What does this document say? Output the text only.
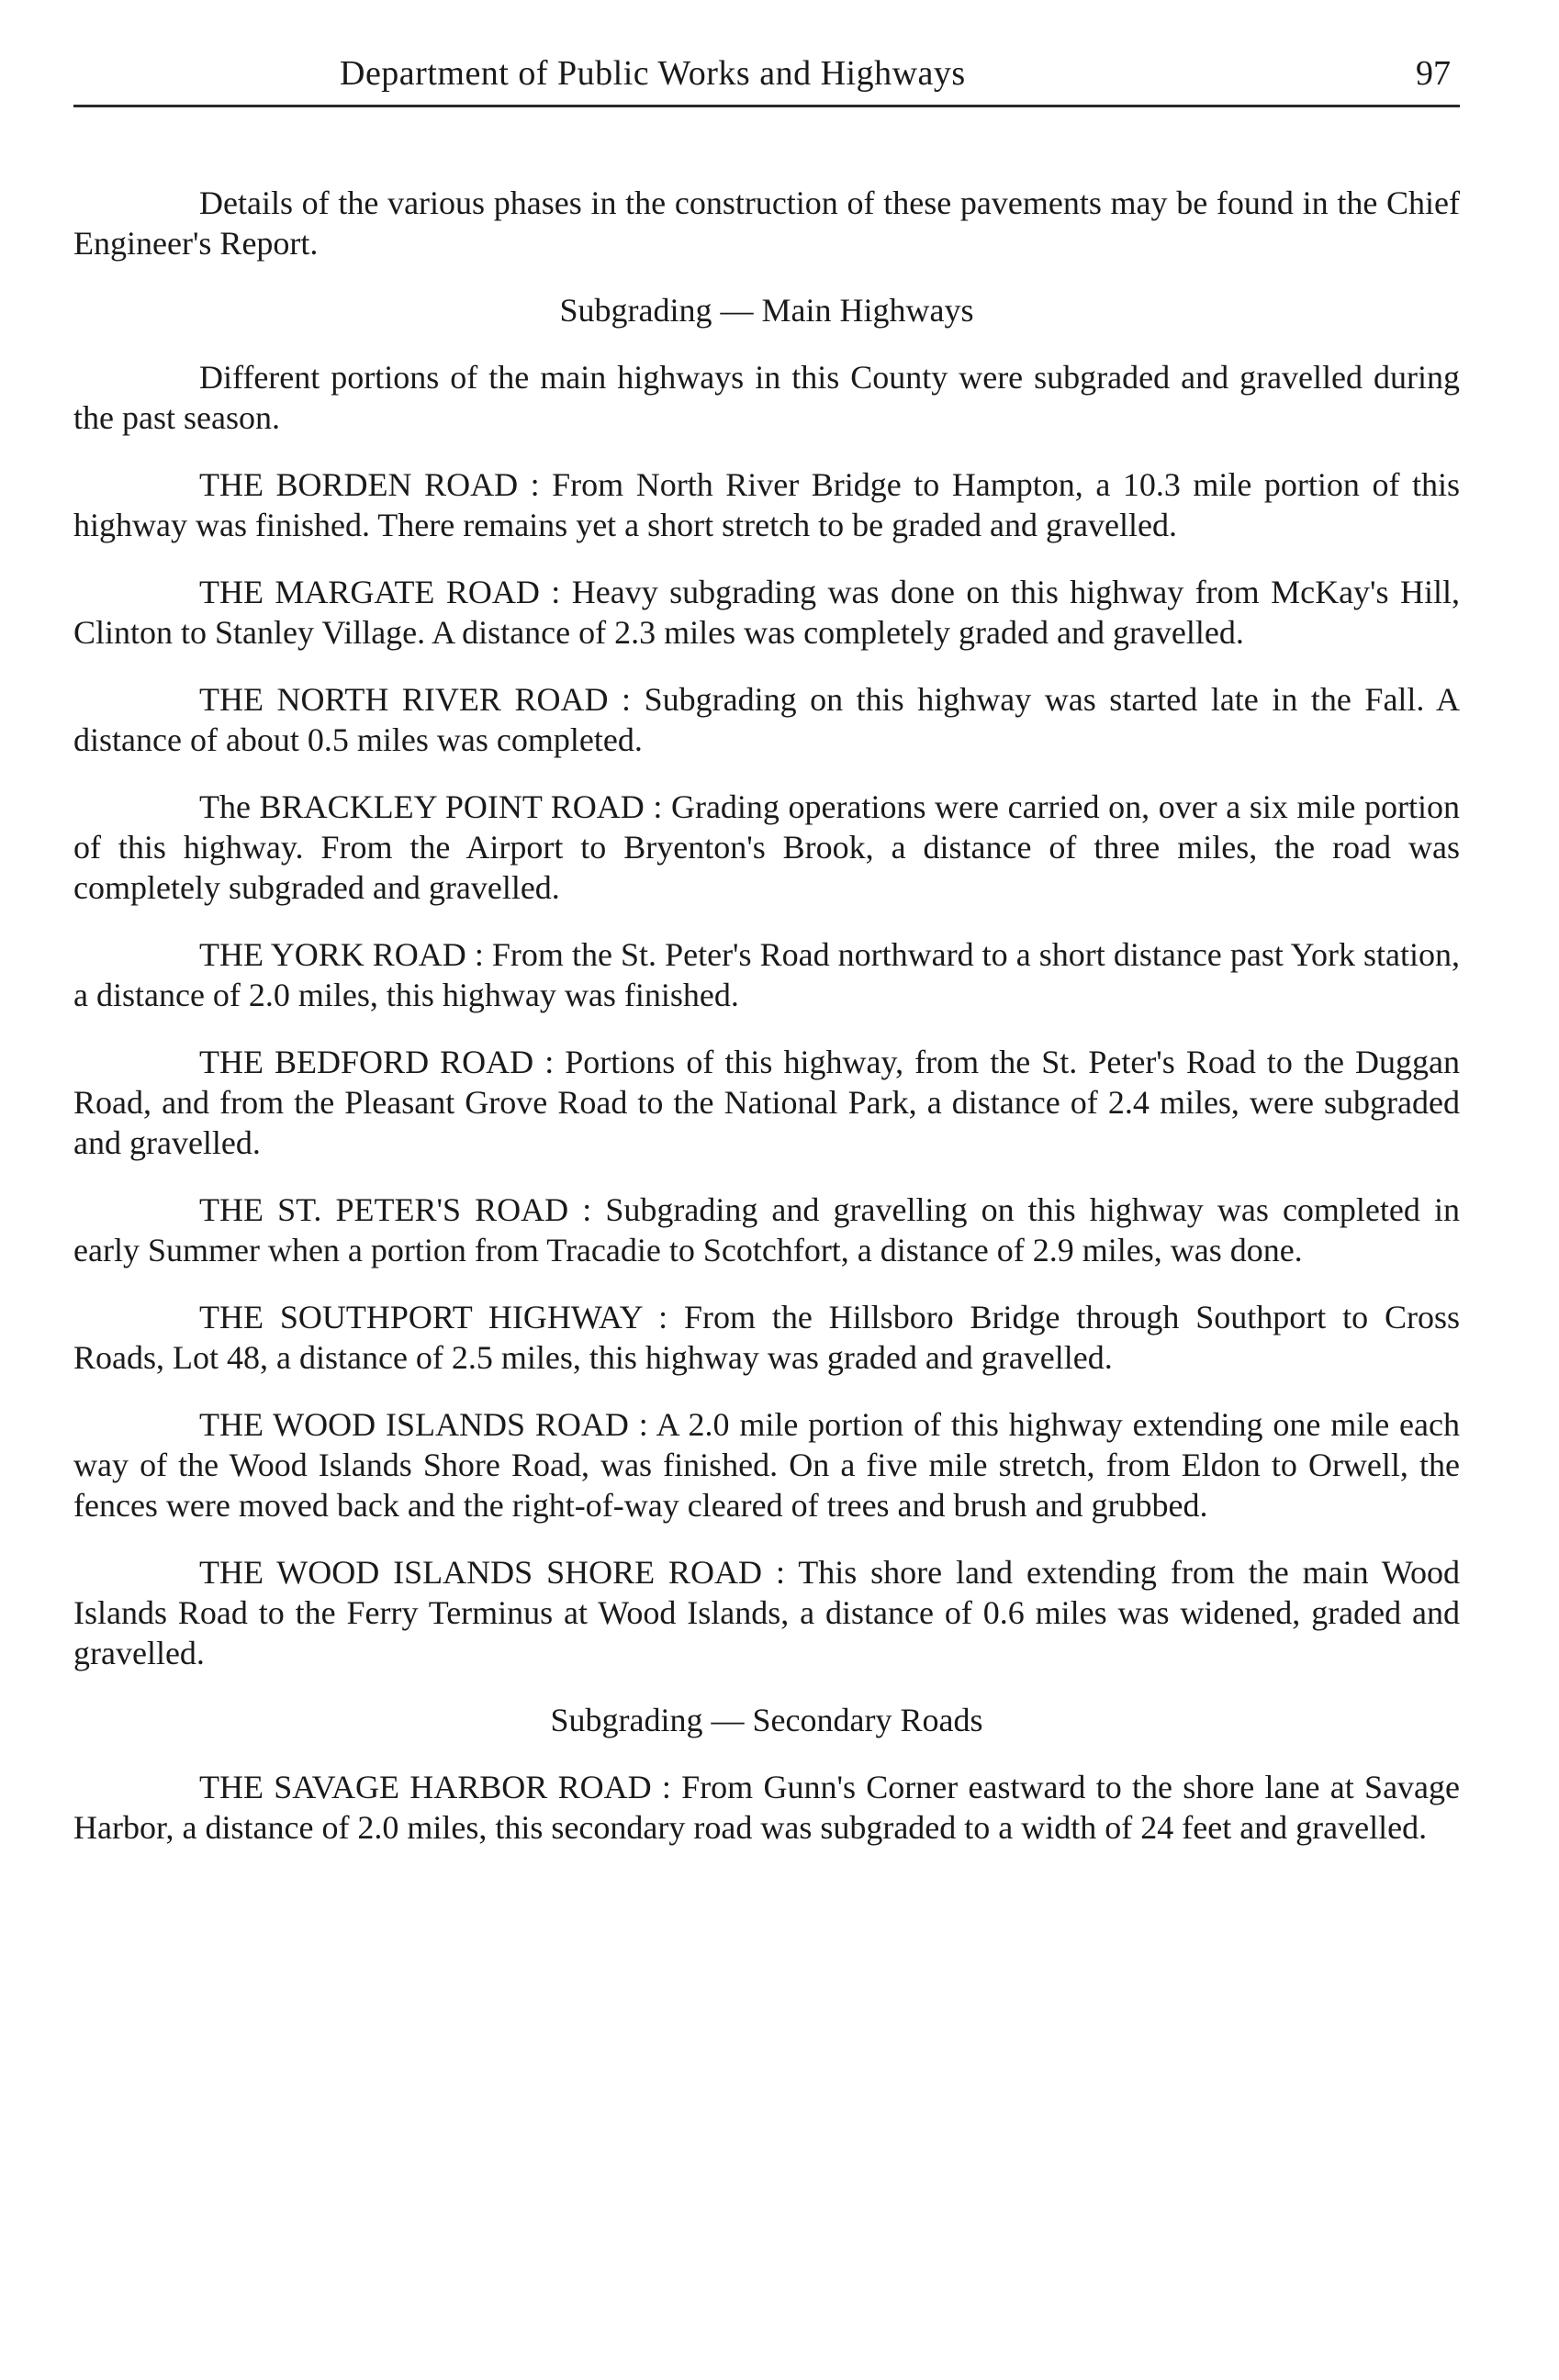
Department of Public Works and Highways	97

Details of the various phases in the construction of these pavements may be found in the Chief Engineer's Report.

Subgrading — Main Highways

Different portions of the main highways in this County were subgraded and gravelled during the past season.

THE BORDEN ROAD : From North River Bridge to Hampton, a 10.3 mile portion of this highway was finished. There remains yet a short stretch to be graded and gravelled.

THE MARGATE ROAD : Heavy subgrading was done on this highway from McKay's Hill, Clinton to Stanley Village. A distance of 2.3 miles was completely graded and gravelled.

THE NORTH RIVER ROAD : Subgrading on this highway was started late in the Fall. A distance of about 0.5 miles was completed.

The BRACKLEY POINT ROAD : Grading operations were carried on, over a six mile portion of this highway. From the Airport to Bryenton's Brook, a distance of three miles, the road was completely subgraded and gravelled.

THE YORK ROAD : From the St. Peter's Road northward to a short distance past York station, a distance of 2.0 miles, this highway was finished.

THE BEDFORD ROAD : Portions of this highway, from the St. Peter's Road to the Duggan Road, and from the Pleasant Grove Road to the National Park, a distance of 2.4 miles, were subgraded and gravelled.

THE ST. PETER'S ROAD : Subgrading and gravelling on this highway was completed in early Summer when a portion from Tracadie to Scotchfort, a distance of 2.9 miles, was done.

THE SOUTHPORT HIGHWAY : From the Hillsboro Bridge through Southport to Cross Roads, Lot 48, a distance of 2.5 miles, this highway was graded and gravelled.

THE WOOD ISLANDS ROAD : A 2.0 mile portion of this highway extending one mile each way of the Wood Islands Shore Road, was finished. On a five mile stretch, from Eldon to Orwell, the fences were moved back and the right-of-way cleared of trees and brush and grubbed.

THE WOOD ISLANDS SHORE ROAD : This shore land extending from the main Wood Islands Road to the Ferry Terminus at Wood Islands, a distance of 0.6 miles was widened, graded and gravelled.

Subgrading — Secondary Roads

THE SAVAGE HARBOR ROAD : From Gunn's Corner eastward to the shore lane at Savage Harbor, a distance of 2.0 miles, this secondary road was subgraded to a width of 24 feet and gravelled.
